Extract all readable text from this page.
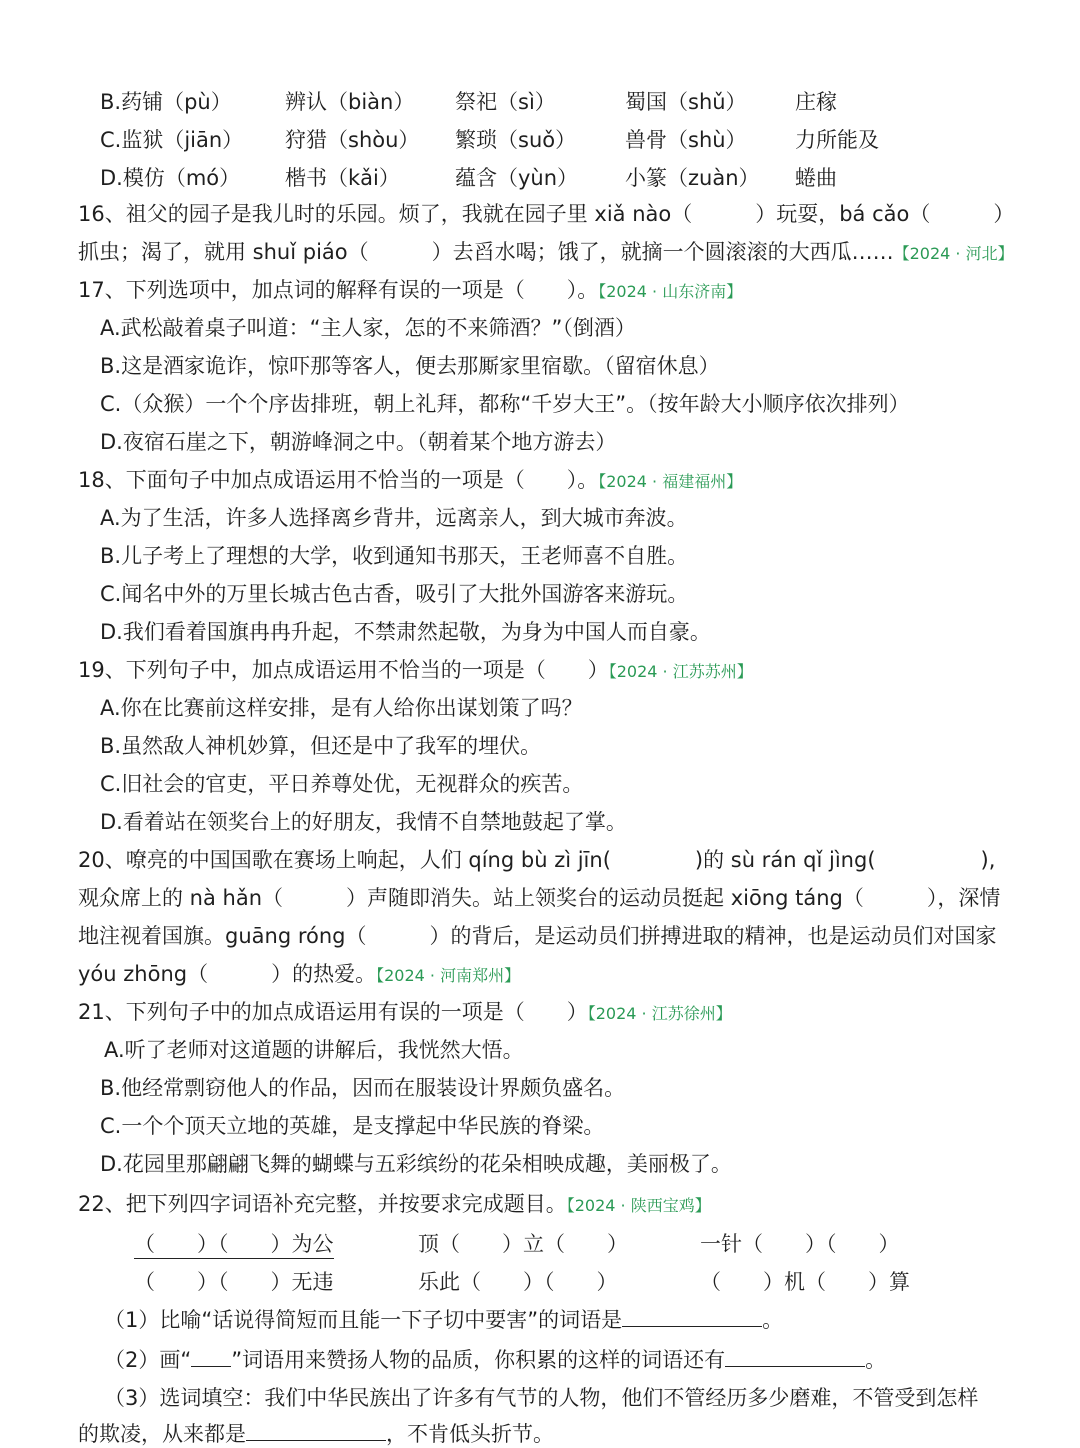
B.药铺（pù）	辨认（biàn） 祭祀（sì）	蜀国（shǔ） 庄稼
C.监狱（jiān） 狩猎（shòu） 繁琐（suǒ） 兽骨（shù） 力所能及
D.模仿（mó） 楷书（kǎi）	蕴含（yùn） 小篆（zuàn） 蜷曲
16、祖父的园子是我儿时的乐园。烦了，我就在园子里 xiǎ nào（　　　）玩耍，bá cǎo（　　　）
抓虫；渴了，就用 shuǐ piáo（　　　）去舀水喝；饿了，就摘一个圆滚滚的大西瓜……【2024 · 河北】
17、下列选项中，加点词的解释有误的一项是（　　）。【2024 · 山东济南】
A.武松敲着桌子叫道：“主人家，怎的不来筛酒？”（倒酒）
B.这是酒家诡诈，惊吓那等客人，便去那厮家里宿歇。（留宿休息）
C.（众猴）一个个序齿排班，朝上礼拜，都称“千岁大王”。（按年龄大小顺序依次排列）
D.夜宿石崖之下，朝游峰洞之中。（朝着某个地方游去）
18、下面句子中加点成语运用不恰当的一项是（　　）。【2024 · 福建福州】
A.为了生活，许多人选择离乡背井，远离亲人，到大城市奔波。
B.儿子考上了理想的大学，收到通知书那天，王老师喜不自胜。
C.闻名中外的万里长城古色古香，吸引了大批外国游客来游玩。
D.我们看着国旗冉冉升起，不禁肃然起敬，为身为中国人而自豪。
19、下列句子中，加点成语运用不恰当的一项是（　　）【2024 · 江苏苏州】
A.你在比赛前这样安排，是有人给你出谋划策了吗？
B.虽然敌人神机妙算，但还是中了我军的埋伏。
C.旧社会的官吏，平日养尊处优，无视群众的疾苦。
D.看着站在领奖台上的好朋友，我情不自禁地鼓起了掌。
20、嘹亮的中国国歌在赛场上响起，人们 qíng bù zì jīn(　　　　)的 sù rán qǐ jìng(　　　　　),
观众席上的 nà hǎn（　　　）声随即消失。站上领奖台的运动员挺起 xiōng táng（　　　），深情
地注视着国旗。guāng róng（　　　）的背后，是运动员们拼搏进取的精神，也是运动员们对国家
yóu zhōng（　　　）的热爱。【2024 · 河南郑州】
21、下列句子中的加点成语运用有误的一项是（　　）【2024 · 江苏徐州】
A.听了老师对这道题的讲解后，我恍然大悟。
B.他经常剽窃他人的作品，因而在服装设计界颇负盛名。
C.一个个顶天立地的英雄，是支撑起中华民族的脊梁。
D.花园里那翩翩飞舞的蝴蝶与五彩缤纷的花朵相映成趣，美丽极了。
22、把下列四字词语补充完整，并按要求完成题目。【2024 · 陕西宝鸡】
（　　）（　　）为公	顶（　　）立（　　）	一针（　　）（　　）
（　　）（　　）无违	乐此（　　）（　　）	（　　）机（　　）算
（1）比喻“话说得简短而且能一下子切中要害”的词语是	。
（2）画“ ”词语用来赞扬人物的品质，你积累的这样的词语还有	。
（3）选词填空：我们中华民族出了许多有气节的人物，他们不管经历多少磨难，不管受到怎样
的欺凌，从来都是	，不肯低头折节。
